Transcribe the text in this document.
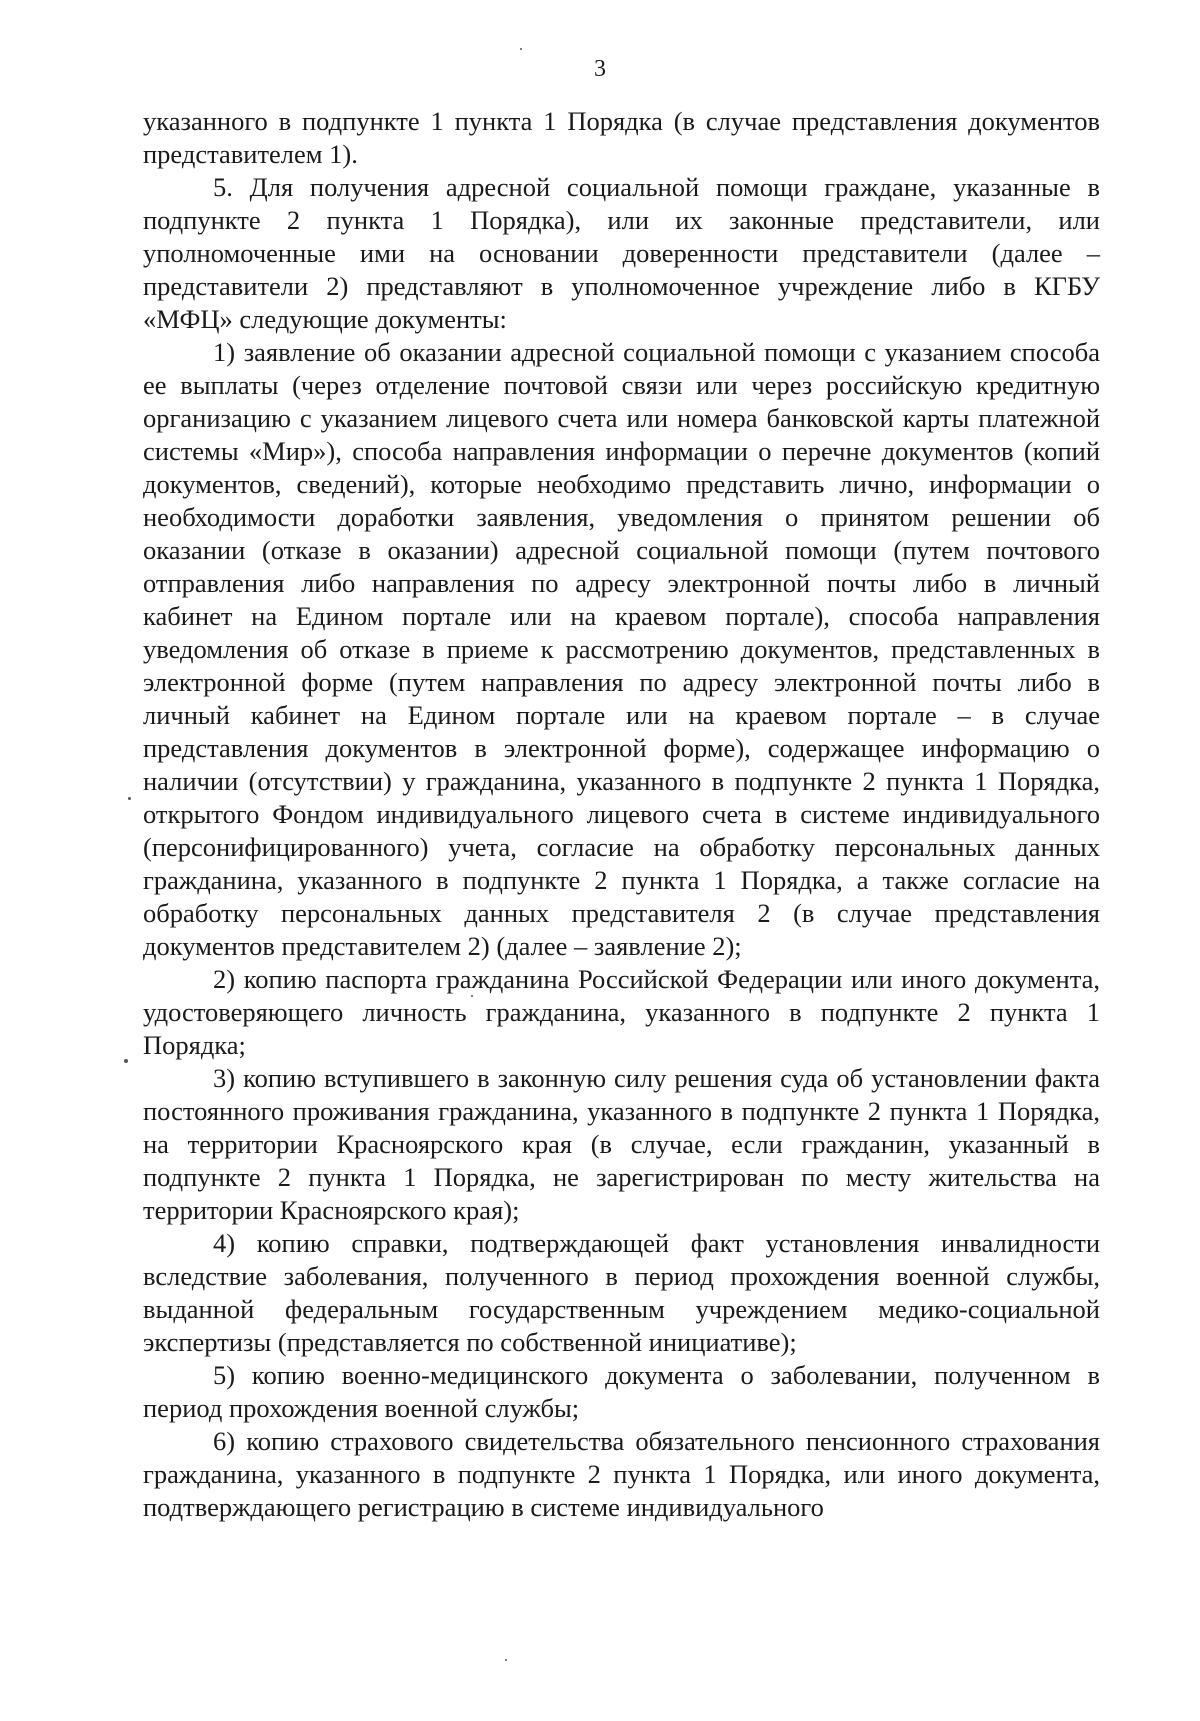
3

указанного в подпункте 1 пункта 1 Порядка (в случае представления документов представителем 1).

5. Для получения адресной социальной помощи граждане, указанные в подпункте 2 пункта 1 Порядка), или их законные представители, или уполномоченные ими на основании доверенности представители (далее – представители 2) представляют в уполномоченное учреждение либо в КГБУ «МФЦ» следующие документы:

1) заявление об оказании адресной социальной помощи с указанием способа ее выплаты (через отделение почтовой связи или через российскую кредитную организацию с указанием лицевого счета или номера банковской карты платежной системы «Мир»), способа направления информации о перечне документов (копий документов, сведений), которые необходимо представить лично, информации о необходимости доработки заявления, уведомления о принятом решении об оказании (отказе в оказании) адресной социальной помощи (путем почтового отправления либо направления по адресу электронной почты либо в личный кабинет на Едином портале или на краевом портале), способа направления уведомления об отказе в приеме к рассмотрению документов, представленных в электронной форме (путем направления по адресу электронной почты либо в личный кабинет на Едином портале или на краевом портале – в случае представления документов в электронной форме), содержащее информацию о наличии (отсутствии) у гражданина, указанного в подпункте 2 пункта 1 Порядка, открытого Фондом индивидуального лицевого счета в системе индивидуального (персонифицированного) учета, согласие на обработку персональных данных гражданина, указанного в подпункте 2 пункта 1 Порядка, а также согласие на обработку персональных данных представителя 2 (в случае представления документов представителем 2) (далее – заявление 2);

2) копию паспорта гражданина Российской Федерации или иного документа, удостоверяющего личность гражданина, указанного в подпункте 2 пункта 1 Порядка;

3) копию вступившего в законную силу решения суда об установлении факта постоянного проживания гражданина, указанного в подпункте 2 пункта 1 Порядка, на территории Красноярского края (в случае, если гражданин, указанный в подпункте 2 пункта 1 Порядка, не зарегистрирован по месту жительства на территории Красноярского края);

4) копию справки, подтверждающей факт установления инвалидности вследствие заболевания, полученного в период прохождения военной службы, выданной федеральным государственным учреждением медико-социальной экспертизы (представляется по собственной инициативе);

5) копию военно-медицинского документа о заболевании, полученном в период прохождения военной службы;

6) копию страхового свидетельства обязательного пенсионного страхования гражданина, указанного в подпункте 2 пункта 1 Порядка, или иного документа, подтверждающего регистрацию в системе индивидуального
